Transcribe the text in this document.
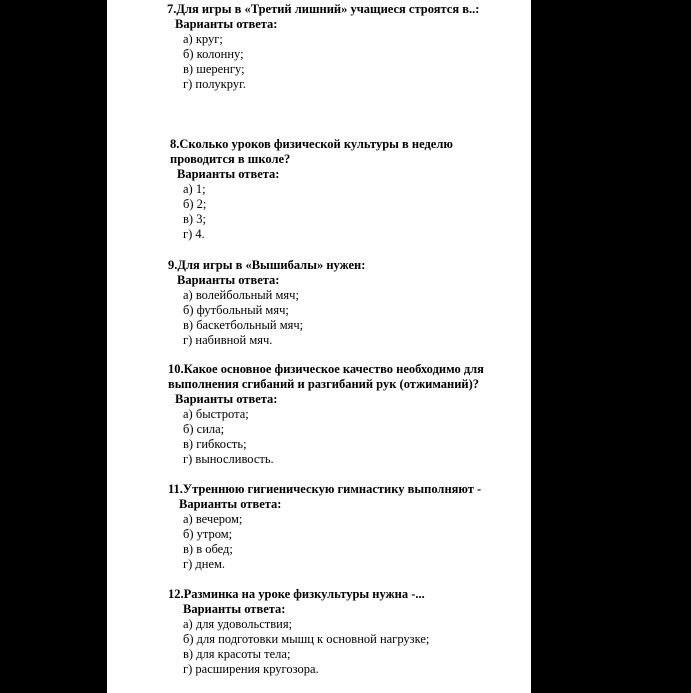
7.Для игры в «Третий лишний» учащиеся строятся в..:
Варианты ответа:
а) круг;
б) колонну;
в) шеренгу;
г) полукруг.
8.Сколько уроков физической культуры в неделю
проводится в школе?
Варианты ответа:
а) 1;
б) 2;
в) 3;
г) 4.
9.Для игры в «Вышибалы» нужен:
Варианты ответа:
а) волейбольный мяч;
б) футбольный мяч;
в) баскетбольный мяч;
г) набивной мяч.
10.Какое основное физическое качество необходимо для
выполнения сгибаний и разгибаний рук (отжиманий)?
Варианты ответа:
а) быстрота;
б) сила;
в) гибкость;
г) выносливость.
11.Утреннюю гигиеническую гимнастику выполняют -
Варианты ответа:
а) вечером;
б) утром;
в) в обед;
г) днем.
12.Разминка на уроке физкультуры нужна -...
Варианты ответа:
а) для удовольствия;
б) для подготовки мышц к основной нагрузке;
в) для красоты тела;
г) расширения кругозора.
